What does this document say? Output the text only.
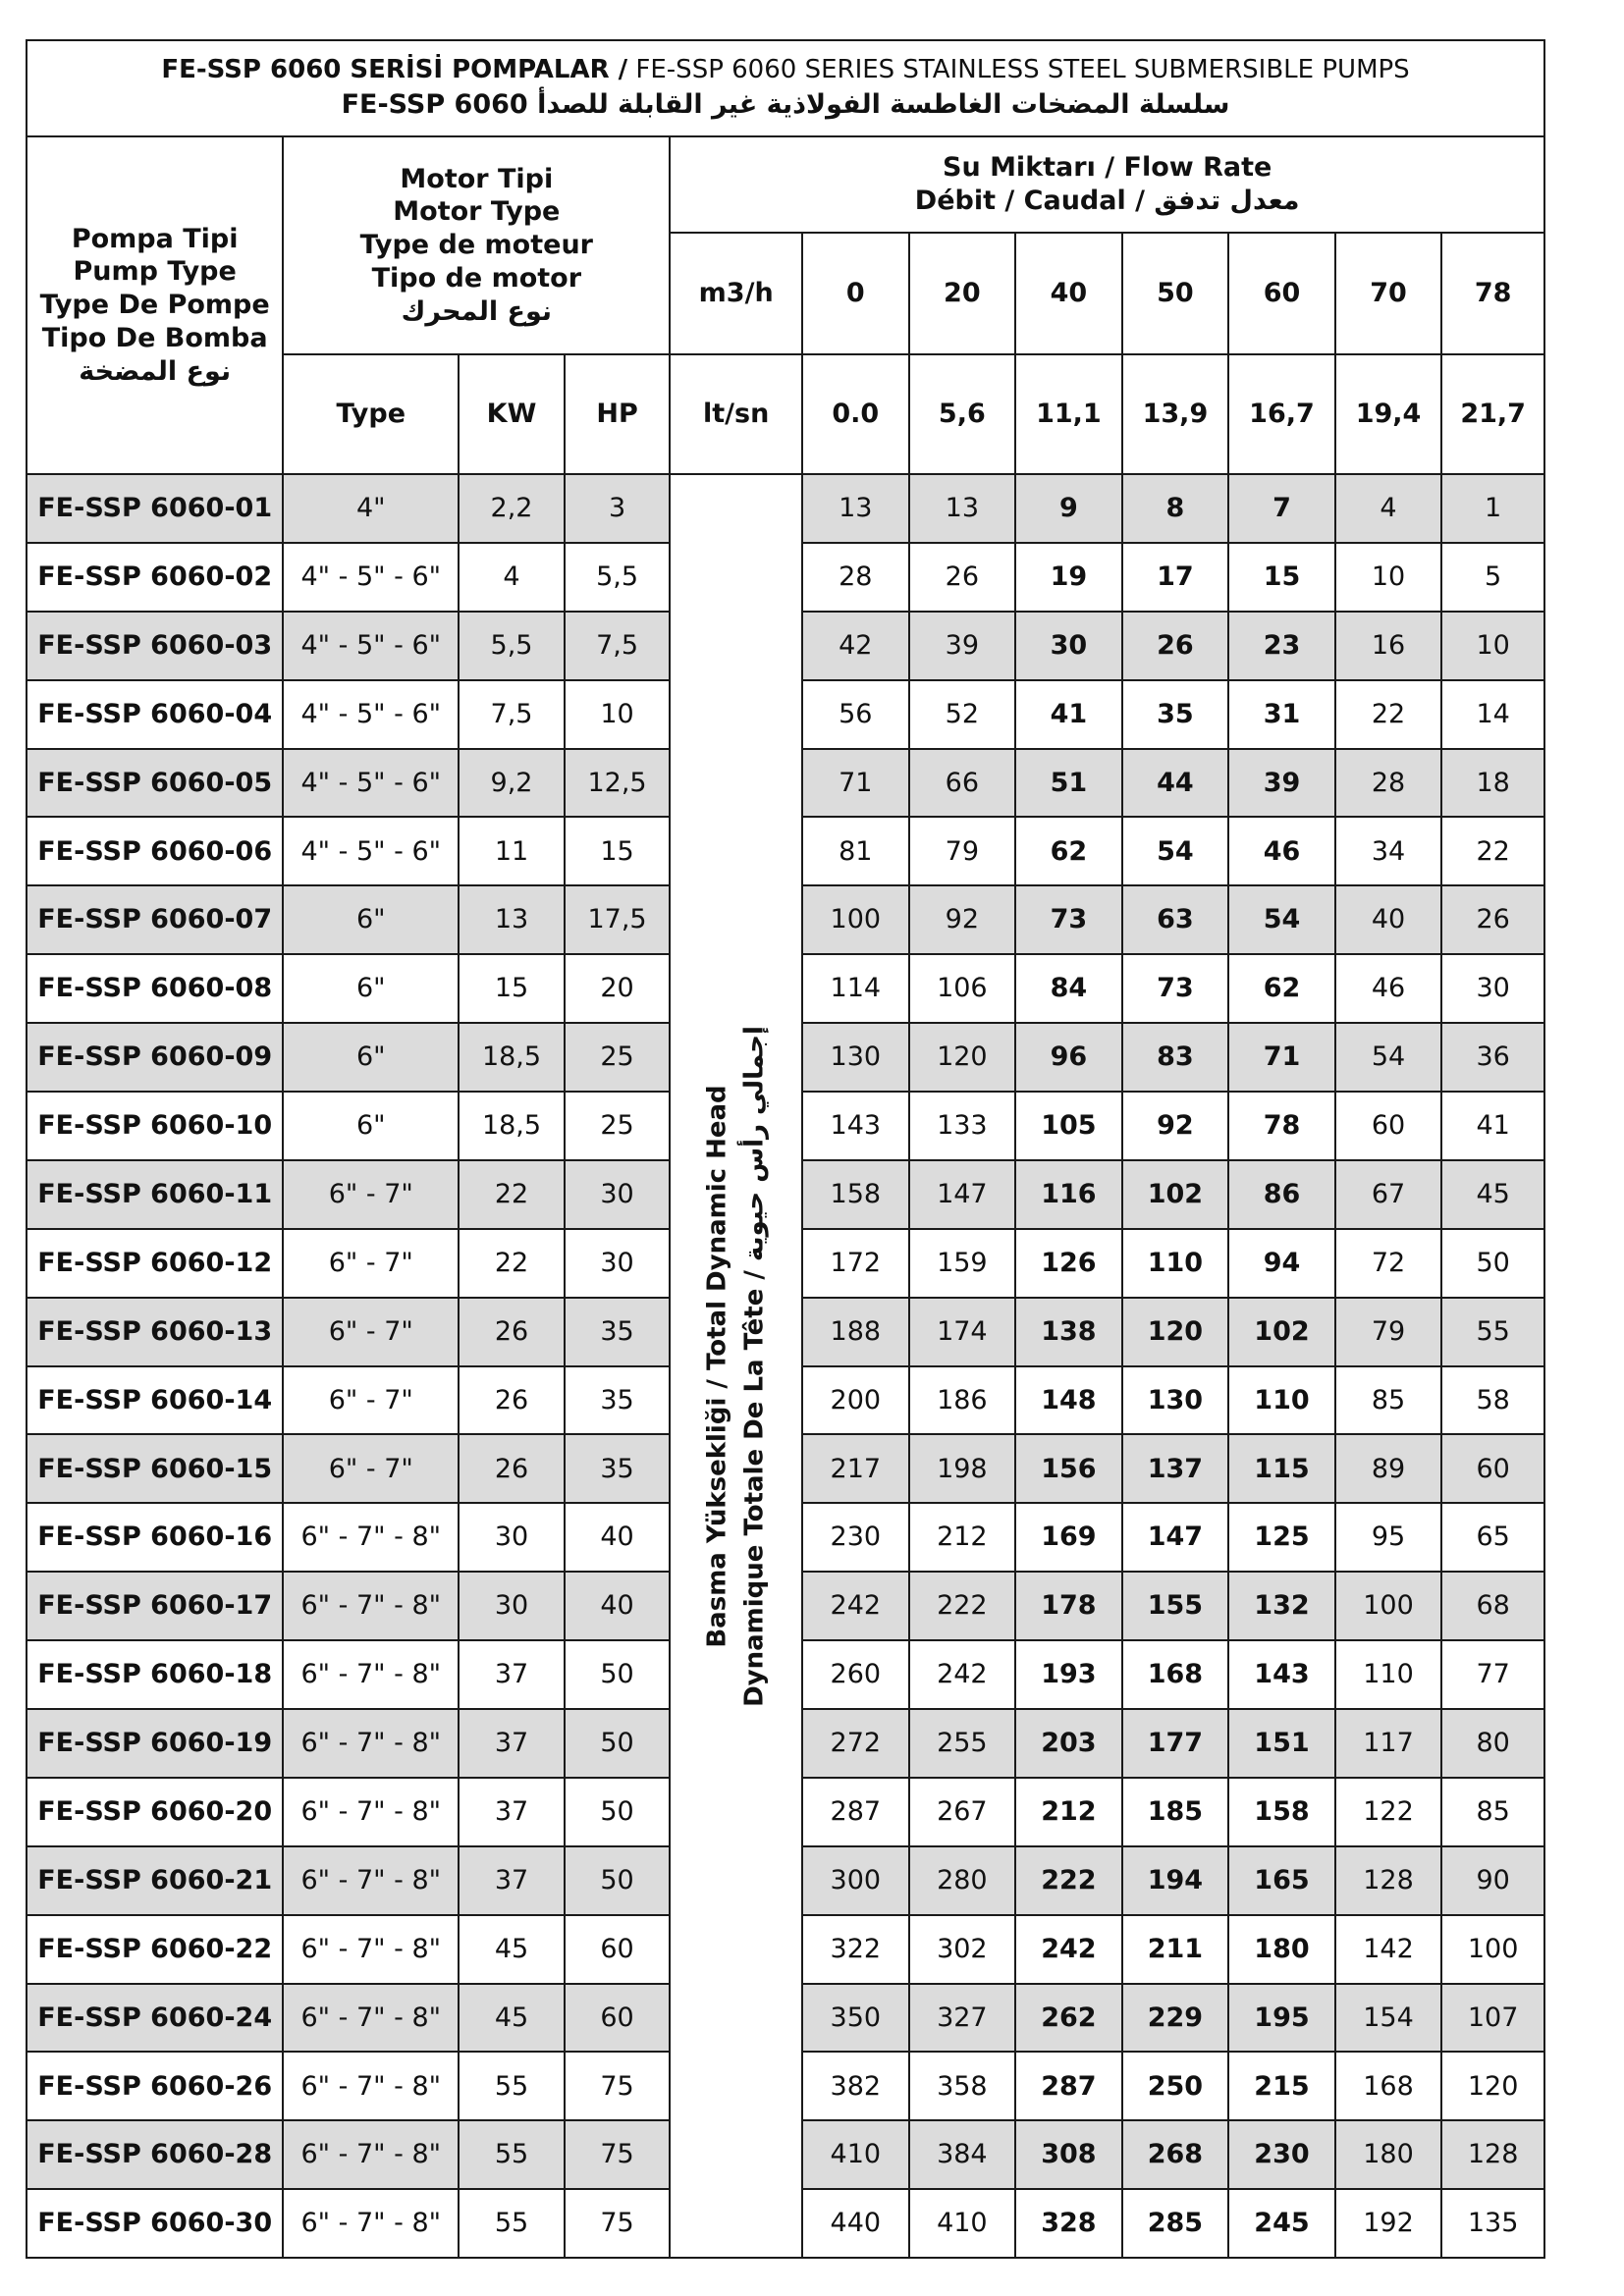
FE-SSP 6060 SERİSİ POMPALAR / FE-SSP 6060 SERIES STAINLESS STEEL SUBMERSIBLE PUMPS
سلسلة المضخات الغاطسة الفولاذية غير القابلة للصدأ FE-SSP 6060											

Pompa Tipi
Pump Type
Type De Pompe
Tipo De Bomba
نوع المضخة	Motor Tipi
Motor Type
Type de moteur
Tipo de motor
نوع المحرك			Su Miktarı / Flow Rate
Débit / Caudal / معدل تدفق							

				m3/h	0	20	40	50	60	70	78
	Type	KW	HP	lt/sn	0.0	5,6	11,1	13,9	16,7	19,4	21,7
FE-SSP 6060-01	4"	2,2	3	Basma Yüksekliği / Total Dynamic Head Dynamique Totale De La Tête / إجمالي رأس حيوية	13	13	9	8	7	4	1
FE-SSP 6060-02	4" - 5" - 6"	4	5,5		28	26	19	17	15	10	5
FE-SSP 6060-03	4" - 5" - 6"	5,5	7,5		42	39	30	26	23	16	10
FE-SSP 6060-04	4" - 5" - 6"	7,5	10		56	52	41	35	31	22	14
FE-SSP 6060-05	4" - 5" - 6"	9,2	12,5		71	66	51	44	39	28	18
FE-SSP 6060-06	4" - 5" - 6"	11	15		81	79	62	54	46	34	22
FE-SSP 6060-07	6"	13	17,5		100	92	73	63	54	40	26
FE-SSP 6060-08	6"	15	20		114	106	84	73	62	46	30
FE-SSP 6060-09	6"	18,5	25		130	120	96	83	71	54	36
FE-SSP 6060-10	6"	18,5	25		143	133	105	92	78	60	41
FE-SSP 6060-11	6" - 7"	22	30		158	147	116	102	86	67	45
FE-SSP 6060-12	6" - 7"	22	30		172	159	126	110	94	72	50
FE-SSP 6060-13	6" - 7"	26	35		188	174	138	120	102	79	55
FE-SSP 6060-14	6" - 7"	26	35		200	186	148	130	110	85	58
FE-SSP 6060-15	6" - 7"	26	35		217	198	156	137	115	89	60
FE-SSP 6060-16	6" - 7" - 8"	30	40		230	212	169	147	125	95	65
FE-SSP 6060-17	6" - 7" - 8"	30	40		242	222	178	155	132	100	68
FE-SSP 6060-18	6" - 7" - 8"	37	50		260	242	193	168	143	110	77
FE-SSP 6060-19	6" - 7" - 8"	37	50		272	255	203	177	151	117	80
FE-SSP 6060-20	6" - 7" - 8"	37	50		287	267	212	185	158	122	85
FE-SSP 6060-21	6" - 7" - 8"	37	50		300	280	222	194	165	128	90
FE-SSP 6060-22	6" - 7" - 8"	45	60		322	302	242	211	180	142	100
FE-SSP 6060-24	6" - 7" - 8"	45	60		350	327	262	229	195	154	107
FE-SSP 6060-26	6" - 7" - 8"	55	75		382	358	287	250	215	168	120
FE-SSP 6060-28	6" - 7" - 8"	55	75		410	384	308	268	230	180	128
FE-SSP 6060-30	6" - 7" - 8"	55	75		440	410	328	285	245	192	135
